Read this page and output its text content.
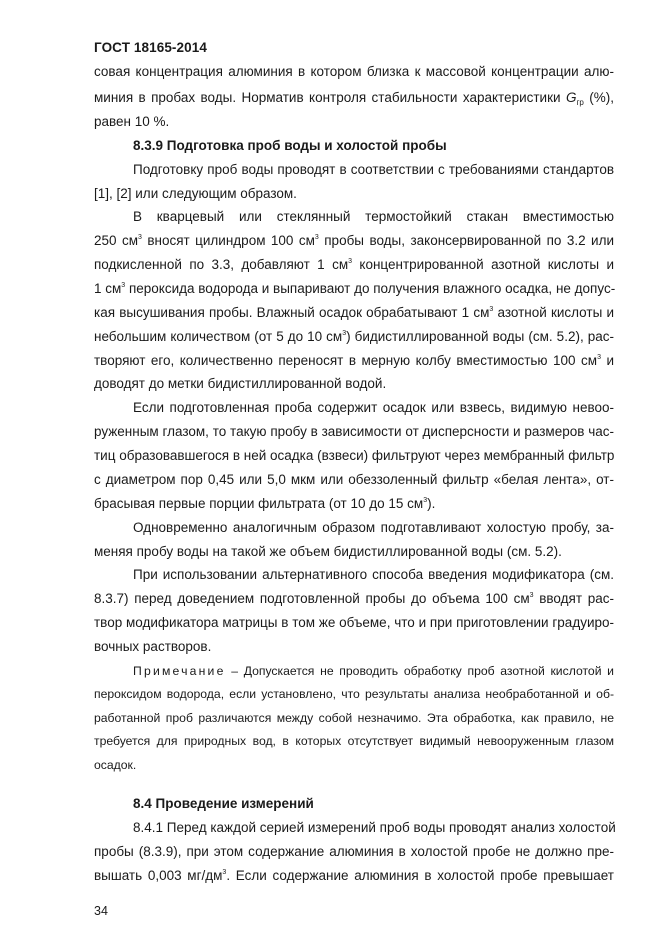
ГОСТ 18165-2014
совая концентрация алюминия в котором близка к массовой концентрации алю-
миния в пробах воды. Норматив контроля стабильности характеристики $G_{гр}$ (%),
равен 10 %.
8.3.9 Подготовка проб воды и холостой пробы
Подготовку проб воды проводят в соответствии с требованиями стандартов
[1], [2] или следующим образом.
В кварцевый или стеклянный термостойкий стакан вместимостью
250 $см^3$ вносят цилиндром 100 $см^3$ пробы воды, законсервированной по 3.2 или
подкисленной по 3.3, добавляют 1 $см^3$ концентрированной азотной кислоты и
1 $см^3$ пероксида водорода и выпаривают до получения влажного осадка, не допус-
кая высушивания пробы. Влажный осадок обрабатывают 1 $см^3$ азотной кислоты и
небольшим количеством (от 5 до 10 $см^3$) бидистиллированной воды (см. 5.2), рас-
творяют его, количественно переносят в мерную колбу вместимостью 100 $см^3$ и
доводят до метки бидистиллированной водой.
Если подготовленная проба содержит осадок или взвесь, видимую невоо-
руженным глазом, то такую пробу в зависимости от дисперсности и размеров час-
тиц образовавшегося в ней осадка (взвеси) фильтруют через мембранный фильтр
с диаметром пор 0,45 или 5,0 мкм или обеззоленный фильтр «белая лента», от-
брасывая первые порции фильтрата (от 10 до 15 $см^3$).
Одновременно аналогичным образом подготавливают холостую пробу, за-
меняя пробу воды на такой же объем бидистиллированной воды (см. 5.2).
При использовании альтернативного способа введения модификатора (см.
8.3.7) перед доведением подготовленной пробы до объема 100 $см^3$ вводят рас-
твор модификатора матрицы в том же объеме, что и при приготовлении градуиро-
вочных растворов.
Примечание – Допускается не проводить обработку проб азотной кислотой и
пероксидом водорода, если установлено, что результаты анализа необработанной и об-
работанной проб различаются между собой незначимо. Эта обработка, как правило, не
требуется для природных вод, в которых отсутствует видимый невооруженным глазом
осадок.
8.4 Проведение измерений
8.4.1 Перед каждой серией измерений проб воды проводят анализ холостой
пробы (8.3.9), при этом содержание алюминия в холостой пробе не должно пре-
вышать 0,003 $мг/дм^3$. Если содержание алюминия в холостой пробе превышает
34
